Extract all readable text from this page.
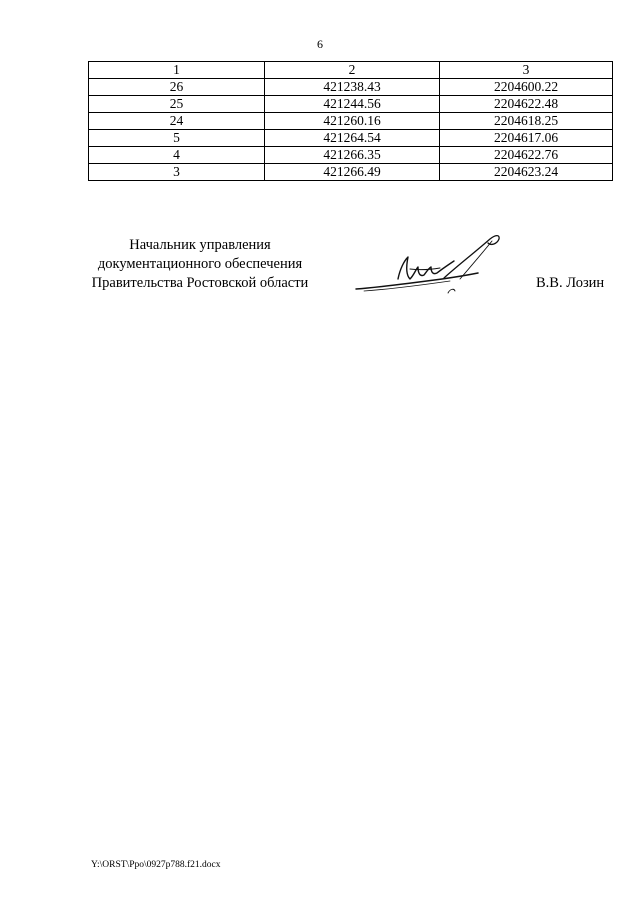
6
1	2	3
26	421238.43	2204600.22
25	421244.56	2204622.48
24	421260.16	2204618.25
5	421264.54	2204617.06
4	421266.35	2204622.76
3	421266.49	2204623.24
Начальник управления
документационного обеспечения
Правительства Ростовской области	В.В. Лозин
Y:\ORST\Ppo\0927p788.f21.docx
